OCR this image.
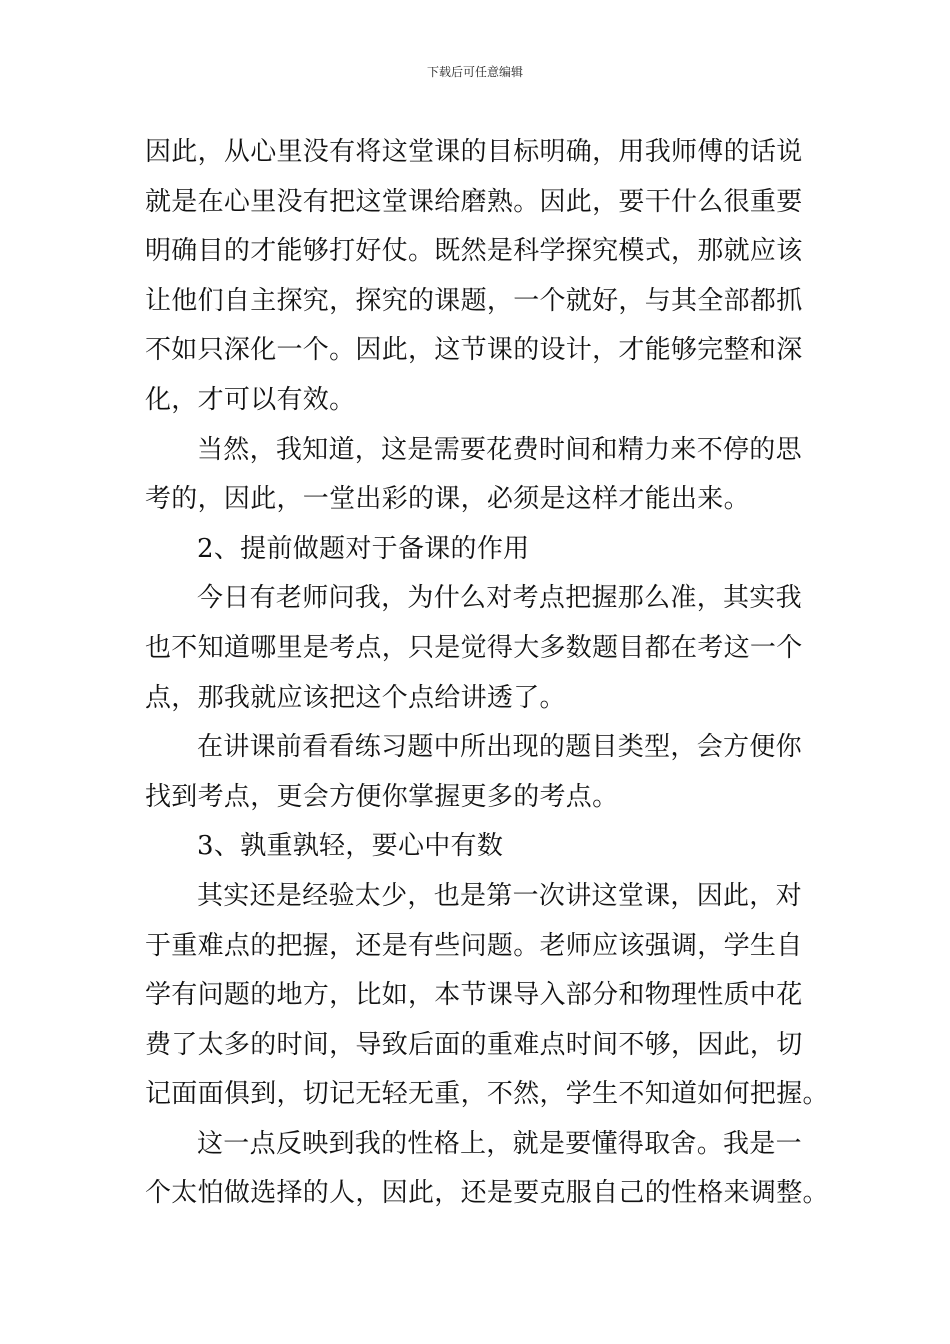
下载后可任意编辑
因此，从心里没有将这堂课的目标明确，用我师傅的话说
就是在心里没有把这堂课给磨熟。因此，要干什么很重要
明确目的才能够打好仗。既然是科学探究模式，那就应该
让他们自主探究，探究的课题，一个就好，与其全部都抓
不如只深化一个。因此，这节课的设计，才能够完整和深
化，才可以有效。
当然，我知道，这是需要花费时间和精力来不停的思
考的，因此，一堂出彩的课，必须是这样才能出来。
2、提前做题对于备课的作用
今日有老师问我，为什么对考点把握那么准，其实我
也不知道哪里是考点，只是觉得大多数题目都在考这一个
点，那我就应该把这个点给讲透了。
在讲课前看看练习题中所出现的题目类型，会方便你
找到考点，更会方便你掌握更多的考点。
3、孰重孰轻，要心中有数
其实还是经验太少，也是第一次讲这堂课，因此，对
于重难点的把握，还是有些问题。老师应该强调，学生自
学有问题的地方，比如，本节课导入部分和物理性质中花
费了太多的时间，导致后面的重难点时间不够，因此，切
记面面俱到，切记无轻无重，不然，学生不知道如何把握。
这一点反映到我的性格上，就是要懂得取舍。我是一
个太怕做选择的人，因此，还是要克服自己的性格来调整。
